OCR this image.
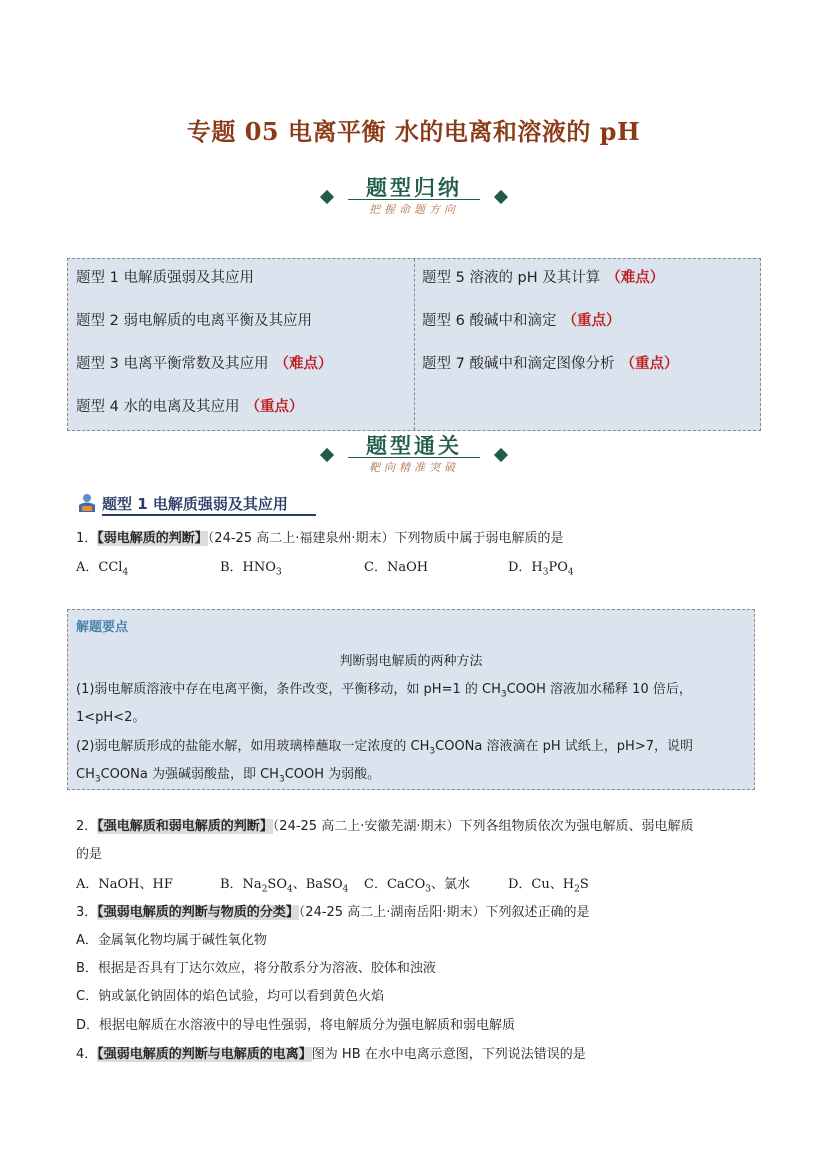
专题 05 电离平衡 水的电离和溶液的 pH
题型归纳
把握命题方向
题型 1 电解质强弱及其应用
题型 2 弱电解质的电离平衡及其应用
题型 3 电离平衡常数及其应用 （难点）
题型 4 水的电离及其应用 （重点）
题型 5 溶液的 pH 及其计算 （难点）
题型 6 酸碱中和滴定 （重点）
题型 7 酸碱中和滴定图像分析 （重点）
题型通关
靶向精准突破
题型 1 电解质强弱及其应用
1．【弱电解质的判断】（24-25 高二上·福建泉州·期末）下列物质中属于弱电解质的是
A．CCl$_4$	B．$HNO_3$	C．NaOH	D．$H_3PO_4$
解题要点
判断弱电解质的两种方法
(1)弱电解质溶液中存在电离平衡，条件改变，平衡移动，如 pH=1 的 $CH_3COOH$ 溶液加水稀释 10 倍后，
1<pH<2。
(2)弱电解质形成的盐能水解，如用玻璃棒蘸取一定浓度的 $CH_3COONa$ 溶液滴在 pH 试纸上，pH>7，说明
$CH_3COONa$ 为强碱弱酸盐，即 $CH_3COOH$ 为弱酸。
2．【强电解质和弱电解质的判断】（24-25 高二上·安徽芜湖·期末）下列各组物质依次为强电解质、弱电解质
的是
A．NaOH、HF	B．$Na_2SO_4$、BaSO$_4$ C．CaCO$_3$、氯水	D．Cu、$H_2S$
3．【强弱电解质的判断与物质的分类】（24-25 高二上·湖南岳阳·期末）下列叙述正确的是
A．金属氧化物均属于碱性氧化物
B．根据是否具有丁达尔效应，将分散系分为溶液、胶体和浊液
C．钠或氯化钠固体的焰色试验，均可以看到黄色火焰
D．根据电解质在水溶液中的导电性强弱，将电解质分为强电解质和弱电解质
4．【强弱电解质的判断与电解质的电离】图为 HB 在水中电离示意图，下列说法错误的是
